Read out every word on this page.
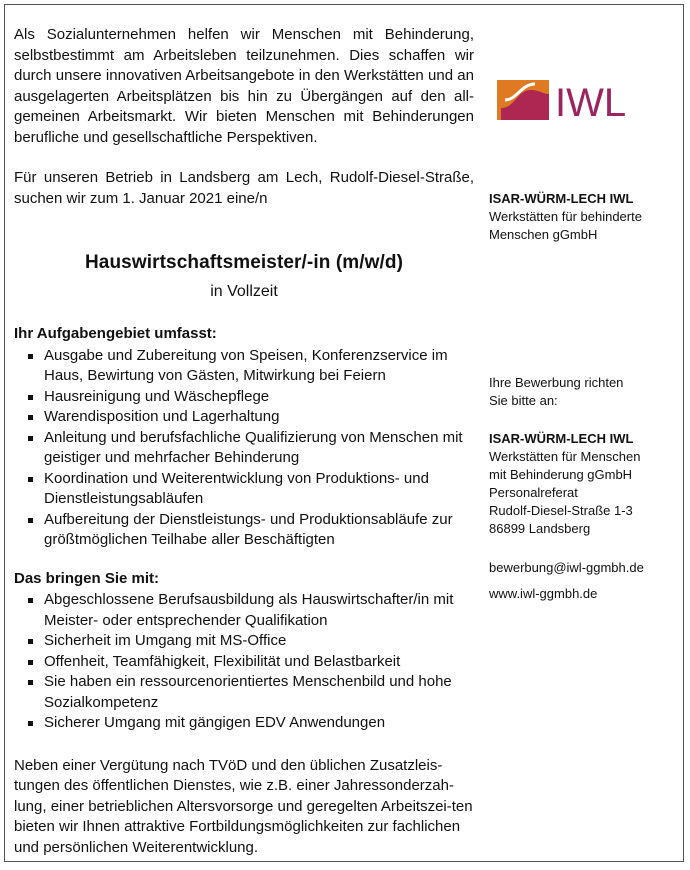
Als Sozialunternehmen helfen wir Menschen mit Behinderung, selbstbestimmt am Arbeitsleben teilzunehmen. Dies schaffen wir durch unsere innovativen Arbeitsangebote in den Werkstätten und an ausgelagerten Arbeitsplätzen bis hin zu Übergängen auf den all-gemeinen Arbeitsmarkt. Wir bieten Menschen mit Behinderungen berufliche und gesellschaftliche Perspektiven.

Für unseren Betrieb in Landsberg am Lech, Rudolf-Diesel-Straße, suchen wir zum 1. Januar 2021 eine/n

Hauswirtschaftsmeister/-in (m/w/d)
in Vollzeit
Ihr Aufgabengebiet umfasst:
Ausgabe und Zubereitung von Speisen, Konferenzservice im Haus, Bewirtung von Gästen, Mitwirkung bei Feiern
Hausreinigung und Wäschepflege
Warendisposition und Lagerhaltung
Anleitung und berufsfachliche Qualifizierung von Menschen mit geistiger und mehrfacher Behinderung
Koordination und Weiterentwicklung von Produktions- und Dienstleistungsabläufen
Aufbereitung der Dienstleistungs- und Produktionsabläufe zur größtmöglichen Teilhabe aller Beschäftigten
Das bringen Sie mit:
Abgeschlossene Berufsausbildung als Hauswirtschafter/in mit Meister- oder entsprechender Qualifikation
Sicherheit im Umgang mit MS-Office
Offenheit, Teamfähigkeit, Flexibilität und Belastbarkeit
Sie haben ein ressourcenorientiertes Menschenbild und hohe Sozialkompetenz
Sicherer Umgang mit gängigen EDV Anwendungen

Neben einer Vergütung nach TVöD und den üblichen Zusatzleis-tungen des öffentlichen Dienstes, wie z.B. einer Jahressonderzah-lung, einer betrieblichen Altersvorsorge und geregelten Arbeitszei-ten bieten wir Ihnen attraktive Fortbildungsmöglichkeiten zur fachlichen und persönlichen Weiterentwicklung.

IWL
ISAR-WÜRM-LECH IWL
Werkstätten für behinderte
Menschen gGmbH
Ihre Bewerbung richten
Sie bitte an:
ISAR-WÜRM-LECH IWL
Werkstätten für Menschen
mit Behinderung gGmbH
Personalreferat
Rudolf-Diesel-Straße 1-3
86899 Landsberg
bewerbung@iwl-ggmbh.de
www.iwl-ggmbh.de
